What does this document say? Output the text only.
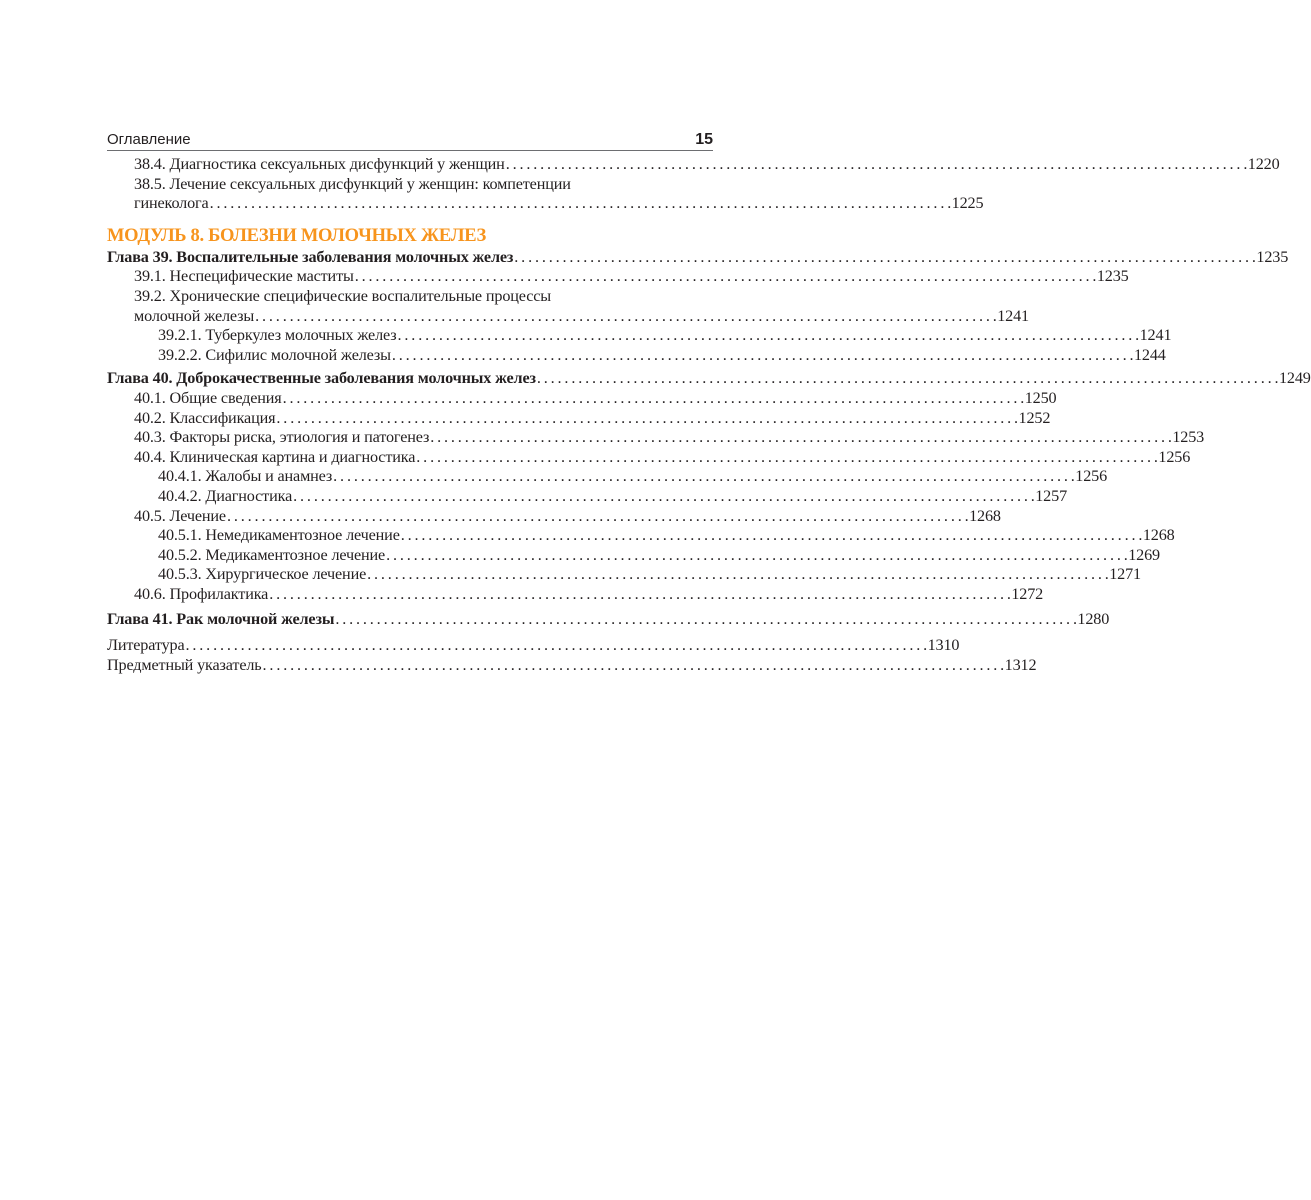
Оглавление	15
38.4. Диагностика сексуальных дисфункций у женщин . . .	1220
38.5. Лечение сексуальных дисфункций у женщин: компетенции
гинеколога . . .	1225
МОДУЛЬ 8. БОЛЕЗНИ МОЛОЧНЫХ ЖЕЛЕЗ
Глава 39. Воспалительные заболевания молочных желез . . .	1235
39.1. Неспецифические маститы . . .	1235
39.2. Хронические специфические воспалительные процессы
молочной железы . . .	1241
39.2.1. Туберкулез молочных желез . . .	1241
39.2.2. Сифилис молочной железы . . .	1244
Глава 40. Доброкачественные заболевания молочных желез . . .	1249
40.1. Общие сведения . . .	1250
40.2. Классификация . . .	1252
40.3. Факторы риска, этиология и патогенез . . .	1253
40.4. Клиническая картина и диагностика . . .	1256
40.4.1. Жалобы и анамнез . . .	1256
40.4.2. Диагностика . . .	1257
40.5. Лечение . . .	1268
40.5.1. Немедикаментозное лечение . . .	1268
40.5.2. Медикаментозное лечение . . .	1269
40.5.3. Хирургическое лечение . . .	1271
40.6. Профилактика . . .	1272
Глава 41. Рак молочной железы . . .	1280
Литература . . .	1310
Предметный указатель . . .	1312
